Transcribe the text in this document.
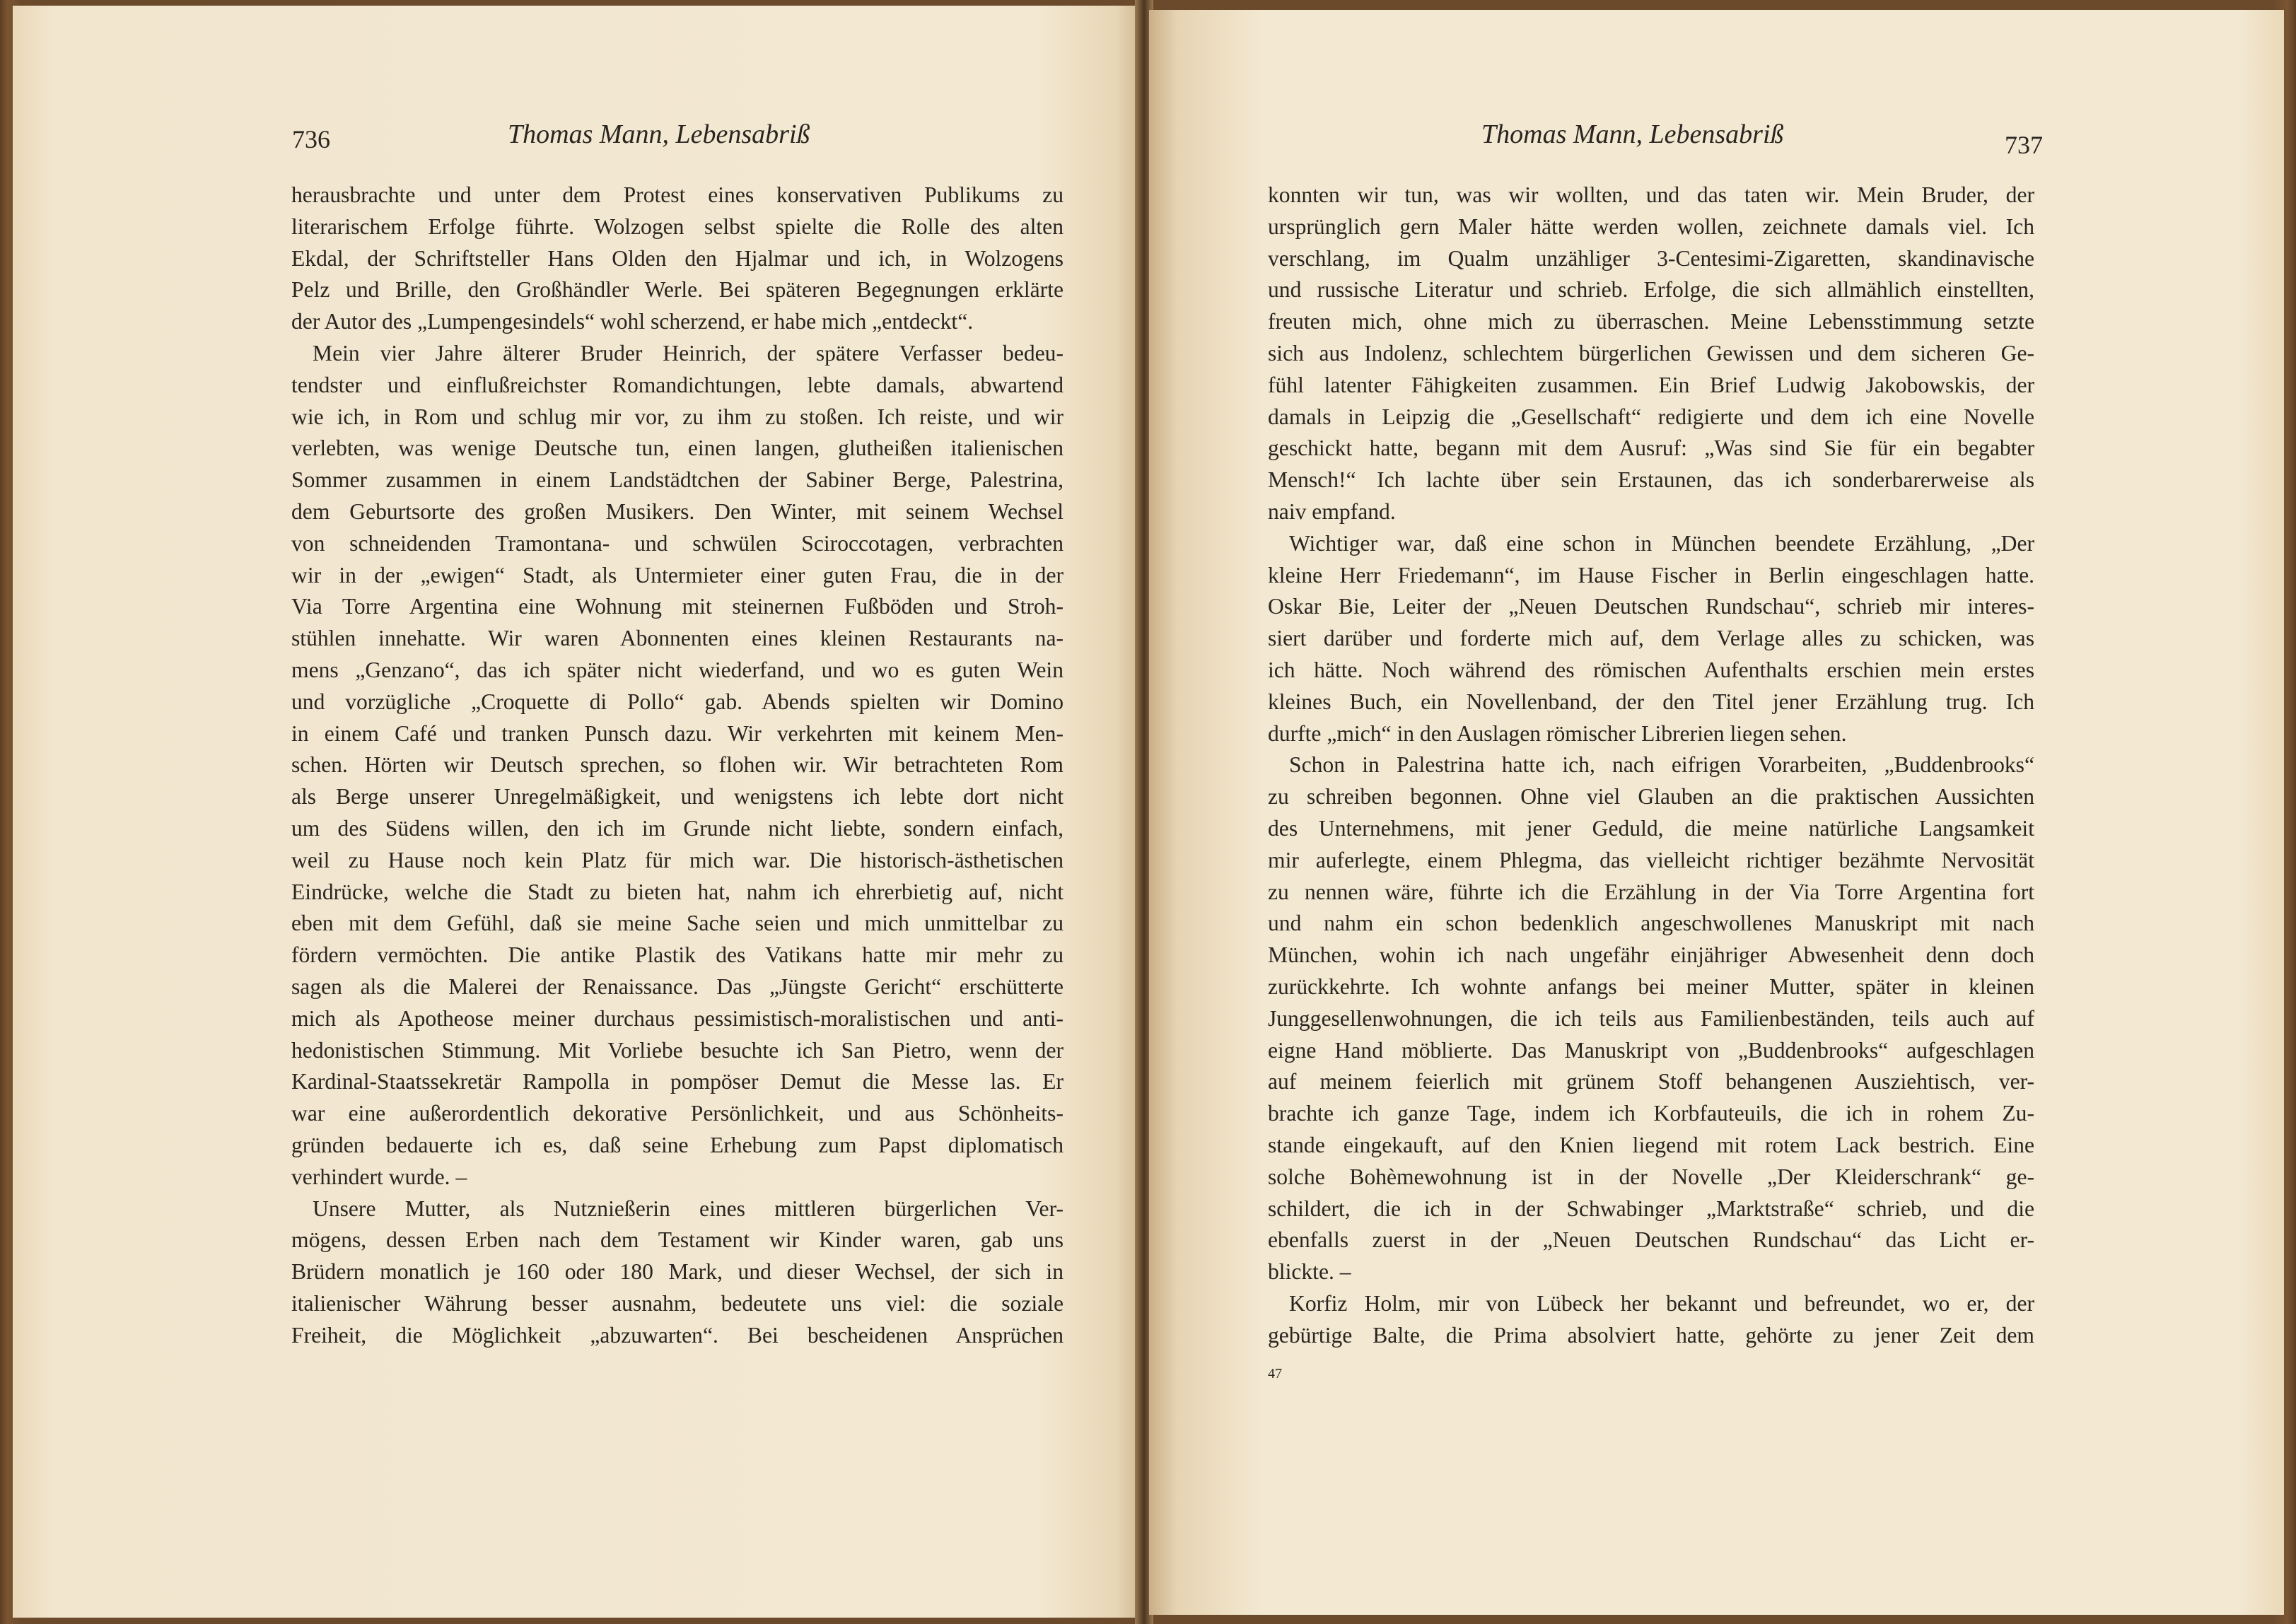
736	Thomas Mann, Lebensabriß
herausbrachte und unter dem Protest eines konservativen Publikums zu
literarischem Erfolge führte. Wolzogen selbst spielte die Rolle des alten
Ekdal, der Schriftsteller Hans Olden den Hjalmar und ich, in Wolzogens
Pelz und Brille, den Großhändler Werle. Bei späteren Begegnungen erklärte
der Autor des „Lumpengesindels“ wohl scherzend, er habe mich „entdeckt“.
Mein vier Jahre älterer Bruder Heinrich, der spätere Verfasser bedeu-
tendster und einflußreichster Romandichtungen, lebte damals, abwartend
wie ich, in Rom und schlug mir vor, zu ihm zu stoßen. Ich reiste, und wir
verlebten, was wenige Deutsche tun, einen langen, glutheißen italienischen
Sommer zusammen in einem Landstädtchen der Sabiner Berge, Palestrina,
dem Geburtsorte des großen Musikers. Den Winter, mit seinem Wechsel
von schneidenden Tramontana- und schwülen Sciroccotagen, verbrachten
wir in der „ewigen“ Stadt, als Untermieter einer guten Frau, die in der
Via Torre Argentina eine Wohnung mit steinernen Fußböden und Stroh-
stühlen innehatte. Wir waren Abonnenten eines kleinen Restaurants na-
mens „Genzano“, das ich später nicht wiederfand, und wo es guten Wein
und vorzügliche „Croquette di Pollo“ gab. Abends spielten wir Domino
in einem Café und tranken Punsch dazu. Wir verkehrten mit keinem Men-
schen. Hörten wir Deutsch sprechen, so flohen wir. Wir betrachteten Rom
als Berge unserer Unregelmäßigkeit, und wenigstens ich lebte dort nicht
um des Südens willen, den ich im Grunde nicht liebte, sondern einfach,
weil zu Hause noch kein Platz für mich war. Die historisch-ästhetischen
Eindrücke, welche die Stadt zu bieten hat, nahm ich ehrerbietig auf, nicht
eben mit dem Gefühl, daß sie meine Sache seien und mich unmittelbar zu
fördern vermöchten. Die antike Plastik des Vatikans hatte mir mehr zu
sagen als die Malerei der Renaissance. Das „Jüngste Gericht“ erschütterte
mich als Apotheose meiner durchaus pessimistisch-moralistischen und anti-
hedonistischen Stimmung. Mit Vorliebe besuchte ich San Pietro, wenn der
Kardinal-Staatssekretär Rampolla in pompöser Demut die Messe las. Er
war eine außerordentlich dekorative Persönlichkeit, und aus Schönheits-
gründen bedauerte ich es, daß seine Erhebung zum Papst diplomatisch
verhindert wurde. –
Unsere Mutter, als Nutznießerin eines mittleren bürgerlichen Ver-
mögens, dessen Erben nach dem Testament wir Kinder waren, gab uns
Brüdern monatlich je 160 oder 180 Mark, und dieser Wechsel, der sich in
italienischer Währung besser ausnahm, bedeutete uns viel: die soziale
Freiheit, die Möglichkeit „abzuwarten“. Bei bescheidenen Ansprüchen
Thomas Mann, Lebensabriß	737
konnten wir tun, was wir wollten, und das taten wir. Mein Bruder, der
ursprünglich gern Maler hätte werden wollen, zeichnete damals viel. Ich
verschlang, im Qualm unzähliger 3-Centesimi-Zigaretten, skandinavische
und russische Literatur und schrieb. Erfolge, die sich allmählich einstellten,
freuten mich, ohne mich zu überraschen. Meine Lebensstimmung setzte
sich aus Indolenz, schlechtem bürgerlichen Gewissen und dem sicheren Ge-
fühl latenter Fähigkeiten zusammen. Ein Brief Ludwig Jakobowskis, der
damals in Leipzig die „Gesellschaft“ redigierte und dem ich eine Novelle
geschickt hatte, begann mit dem Ausruf: „Was sind Sie für ein begabter
Mensch!“ Ich lachte über sein Erstaunen, das ich sonderbarerweise als
naiv empfand.
Wichtiger war, daß eine schon in München beendete Erzählung, „Der
kleine Herr Friedemann“, im Hause Fischer in Berlin eingeschlagen hatte.
Oskar Bie, Leiter der „Neuen Deutschen Rundschau“, schrieb mir interes-
siert darüber und forderte mich auf, dem Verlage alles zu schicken, was
ich hätte. Noch während des römischen Aufenthalts erschien mein erstes
kleines Buch, ein Novellenband, der den Titel jener Erzählung trug. Ich
durfte „mich“ in den Auslagen römischer Librerien liegen sehen.
Schon in Palestrina hatte ich, nach eifrigen Vorarbeiten, „Buddenbrooks“
zu schreiben begonnen. Ohne viel Glauben an die praktischen Aussichten
des Unternehmens, mit jener Geduld, die meine natürliche Langsamkeit
mir auferlegte, einem Phlegma, das vielleicht richtiger bezähmte Nervosität
zu nennen wäre, führte ich die Erzählung in der Via Torre Argentina fort
und nahm ein schon bedenklich angeschwollenes Manuskript mit nach
München, wohin ich nach ungefähr einjähriger Abwesenheit denn doch
zurückkehrte. Ich wohnte anfangs bei meiner Mutter, später in kleinen
Junggesellenwohnungen, die ich teils aus Familienbeständen, teils auch auf
eigne Hand möblierte. Das Manuskript von „Buddenbrooks“ aufgeschlagen
auf meinem feierlich mit grünem Stoff behangenen Ausziehtisch, ver-
brachte ich ganze Tage, indem ich Korbfauteuils, die ich in rohem Zu-
stande eingekauft, auf den Knien liegend mit rotem Lack bestrich. Eine
solche Bohèmewohnung ist in der Novelle „Der Kleiderschrank“ ge-
schildert, die ich in der Schwabinger „Marktstraße“ schrieb, und die
ebenfalls zuerst in der „Neuen Deutschen Rundschau“ das Licht er-
blickte. –
Korfiz Holm, mir von Lübeck her bekannt und befreundet, wo er, der
gebürtige Balte, die Prima absolviert hatte, gehörte zu jener Zeit dem
47
